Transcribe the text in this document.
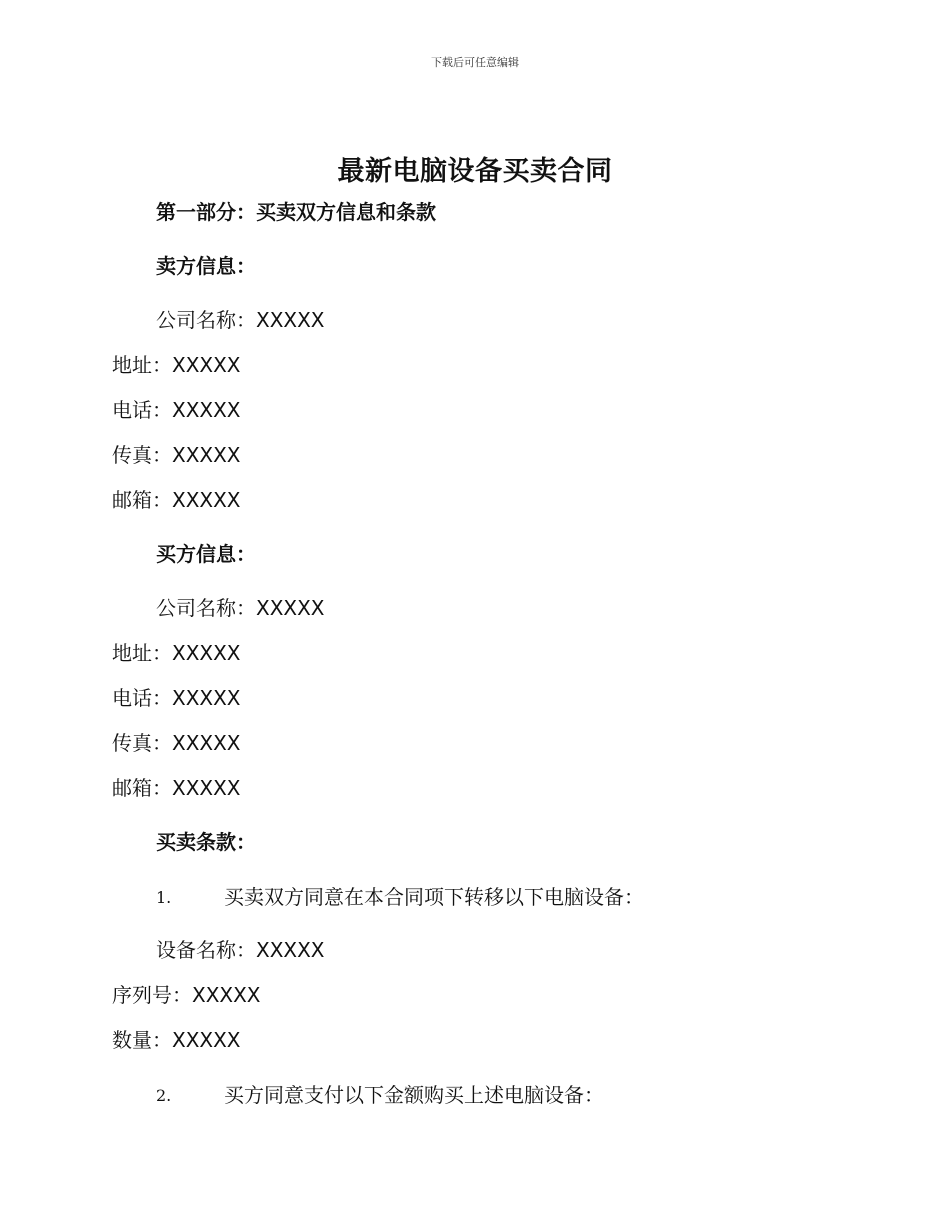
下载后可任意编辑
最新电脑设备买卖合同
第一部分：买卖双方信息和条款
卖方信息：
公司名称：XXXXX
地址：XXXXX
电话：XXXXX
传真：XXXXX
邮箱：XXXXX
买方信息：
公司名称：XXXXX
地址：XXXXX
电话：XXXXX
传真：XXXXX
邮箱：XXXXX
买卖条款：
1.	买卖双方同意在本合同项下转移以下电脑设备：
设备名称：XXXXX
序列号：XXXXX
数量：XXXXX
2.	买方同意支付以下金额购买上述电脑设备：
